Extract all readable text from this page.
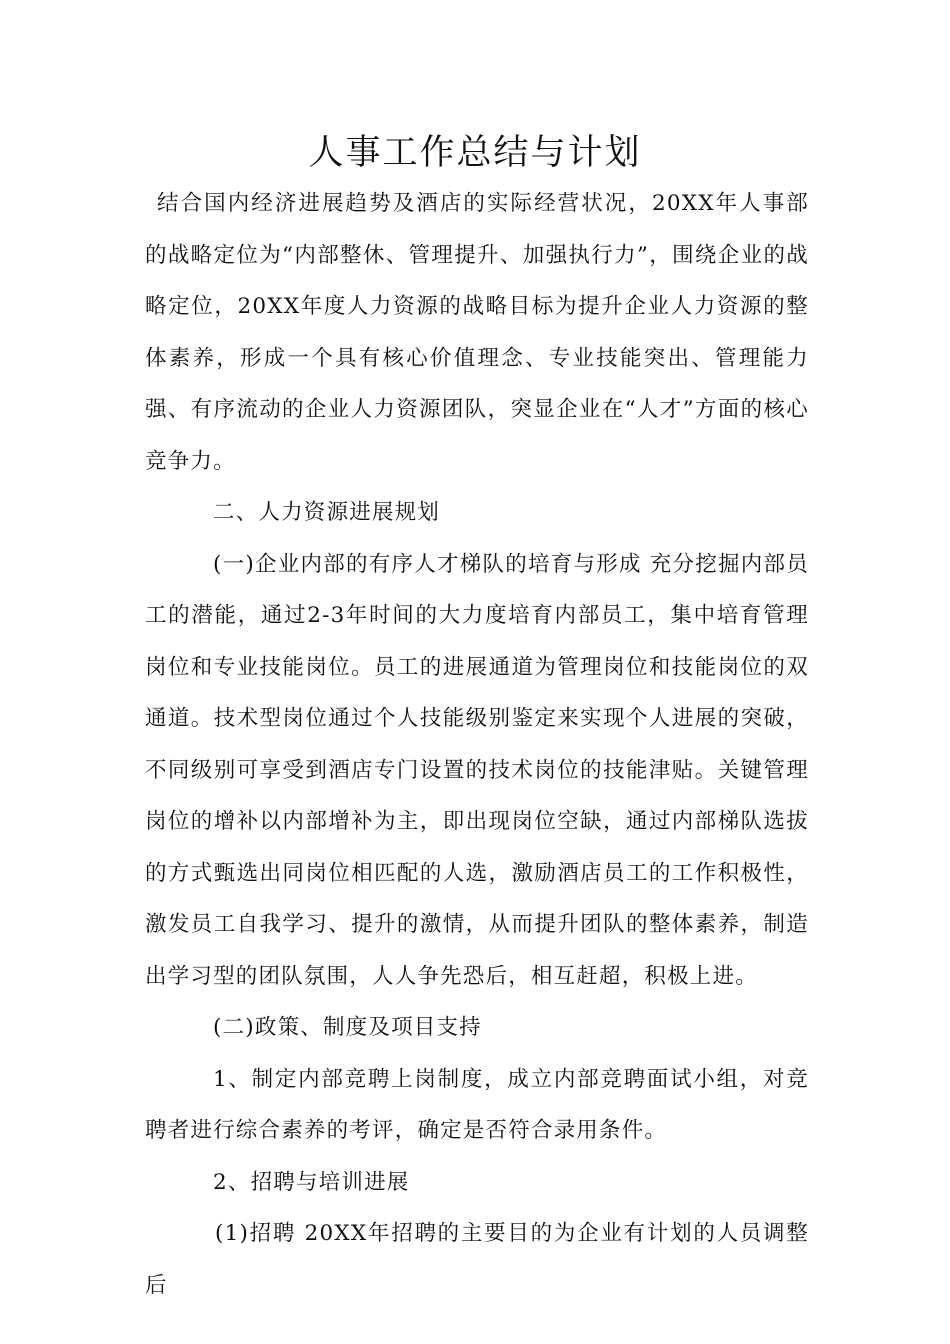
人事工作总结与计划

结合国内经济进展趋势及酒店的实际经营状况，20XX年人事部的战略定位为“内部整休、管理提升、加强执行力”，围绕企业的战略定位，20XX年度人力资源的战略目标为提升企业人力资源的整体素养，形成一个具有核心价值理念、专业技能突出、管理能力强、有序流动的企业人力资源团队，突显企业在“人才”方面的核心竞争力。

二、人力资源进展规划

(一)企业内部的有序人才梯队的培育与形成 充分挖掘内部员工的潜能，通过2-3年时间的大力度培育内部员工，集中培育管理岗位和专业技能岗位。员工的进展通道为管理岗位和技能岗位的双通道。技术型岗位通过个人技能级别鉴定来实现个人进展的突破，不同级别可享受到酒店专门设置的技术岗位的技能津贴。关键管理岗位的增补以内部增补为主，即出现岗位空缺，通过内部梯队选拔的方式甄选出同岗位相匹配的人选，激励酒店员工的工作积极性，激发员工自我学习、提升的激情，从而提升团队的整体素养，制造出学习型的团队氛围，人人争先恐后，相互赶超，积极上进。

(二)政策、制度及项目支持

1、制定内部竞聘上岗制度，成立内部竞聘面试小组，对竞聘者进行综合素养的考评，确定是否符合录用条件。

2、招聘与培训进展

(1)招聘 20XX年招聘的主要目的为企业有计划的人员调整后
